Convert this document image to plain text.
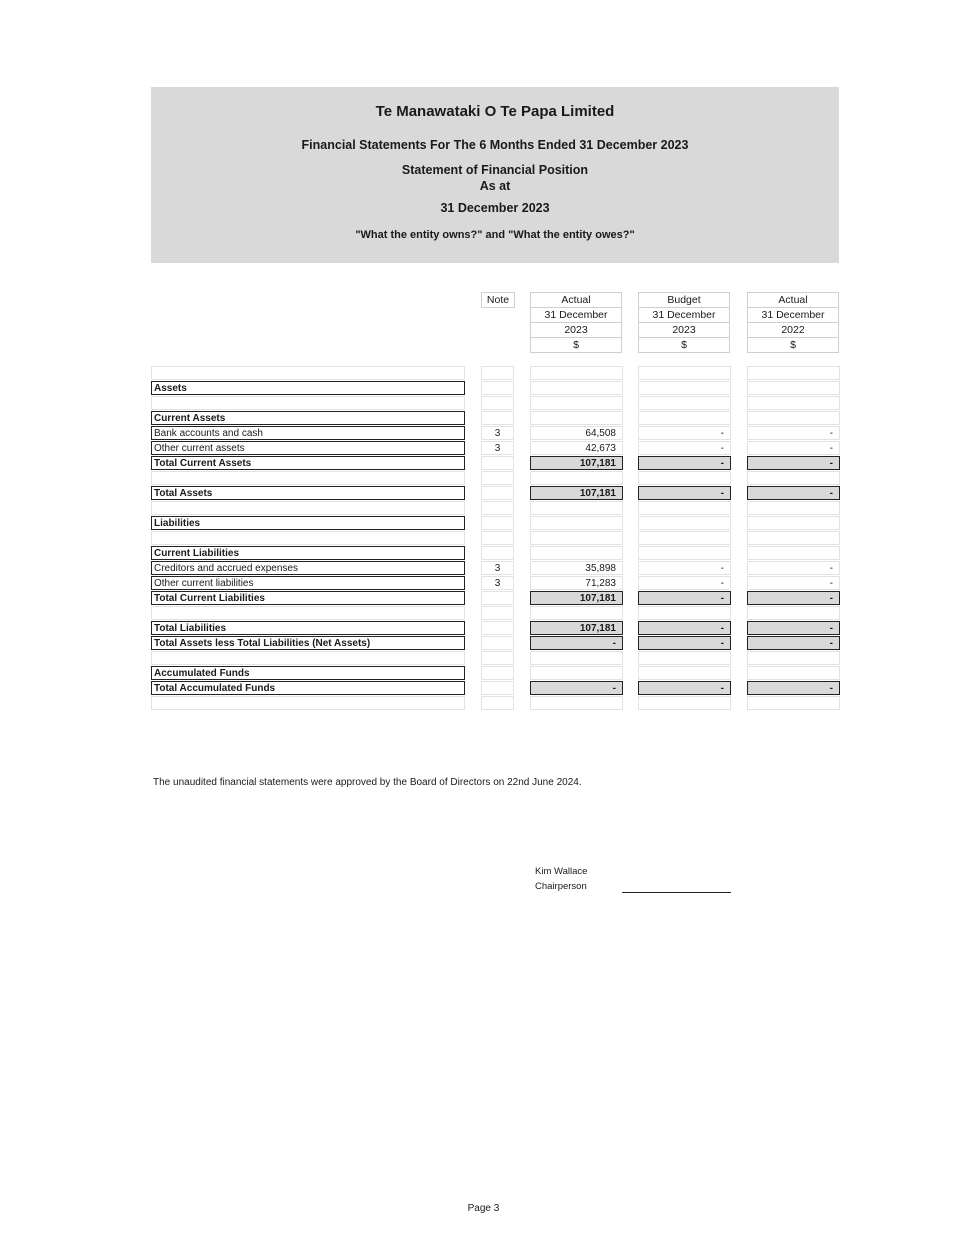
Te Manawataki O Te Papa Limited
Financial Statements For The 6 Months Ended 31 December 2023
Statement of Financial Position
As at
31 December 2023
"What the entity owns?" and "What the entity owes?"
Note	Actual
31 December
2023
$
Budget
31 December
2023
$
Actual
31 December
2022
$
Assets
Current Assets
Bank accounts and cash
Other current assets
Total Current Assets
Total Assets
Liabilities
Current Liabilities
Creditors and accrued expenses
Other current liabilities
Total Current Liabilities
Total Liabilities
Total Assets less Total Liabilities (Net Assets)
Accumulated Funds
Total Accumulated Funds
3
3
3
3
64,508
42,673
107,181
107,181
35,898
71,283
107,181
107,181
-
-
-
-
-
-
-
-
-
-
-
-
-
-
-
-
-
-
-
-
-
-
The unaudited financial statements were approved by the Board of Directors on 22nd June 2024.
Kim Wallace
Chairperson
Page 3
